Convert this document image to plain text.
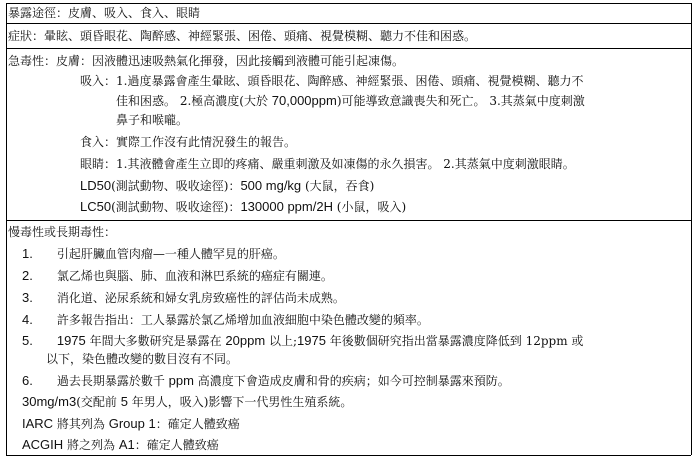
暴露途徑：皮膚、吸入、食入、眼睛
症狀：暈眩、頭昏眼花、陶醉感、神經緊張、困倦、頭痛、視覺模糊、聽力不佳和困惑。
急毒性：皮膚：因液體迅速吸熱氣化揮發，因此接觸到液體可能引起凍傷。
吸入：1.過度暴露會產生暈眩、頭昏眼花、陶醉感、神經緊張、困倦、頭痛、視覺模糊、聽力不
佳和困惑。 2.極高濃度(大於 70,000ppm)可能導致意識喪失和死亡。 3.其蒸氣中度刺激
鼻子和喉嚨。
食入：實際工作沒有此情況發生的報告。
眼睛：1.其液體會產生立即的疼痛、嚴重刺激及如凍傷的永久損害。 2.其蒸氣中度刺激眼睛。
LD50(測試動物、吸收途徑)：500 mg/kg (大鼠，吞食)
LC50(測試動物、吸收途徑)：130000 ppm/2H (小鼠，吸入)
慢毒性或長期毒性：
1. 引起肝臟血管肉瘤—一種人體罕見的肝癌。
2. 氯乙烯也與腦、肺、血液和淋巴系統的癌症有關連。
3. 消化道、泌尿系統和婦女乳房致癌性的評估尚未成熟。
4. 許多報告指出：工人暴露於氯乙烯增加血液細胞中染色體改變的頻率。
5. 1975 年間大多數研究是暴露在 20ppm 以上;1975 年後數個研究指出當暴露濃度降低到 12ppm 或
以下，染色體改變的數目沒有不同。
6. 過去長期暴露於數千 ppm 高濃度下會造成皮膚和骨的疾病；如今可控制暴露來預防。
30mg/m3(交配前 5 年男人，吸入)影響下一代男性生殖系統。
IARC 將其列為 Group 1：確定人體致癌
ACGIH 將之列為 A1：確定人體致癌
